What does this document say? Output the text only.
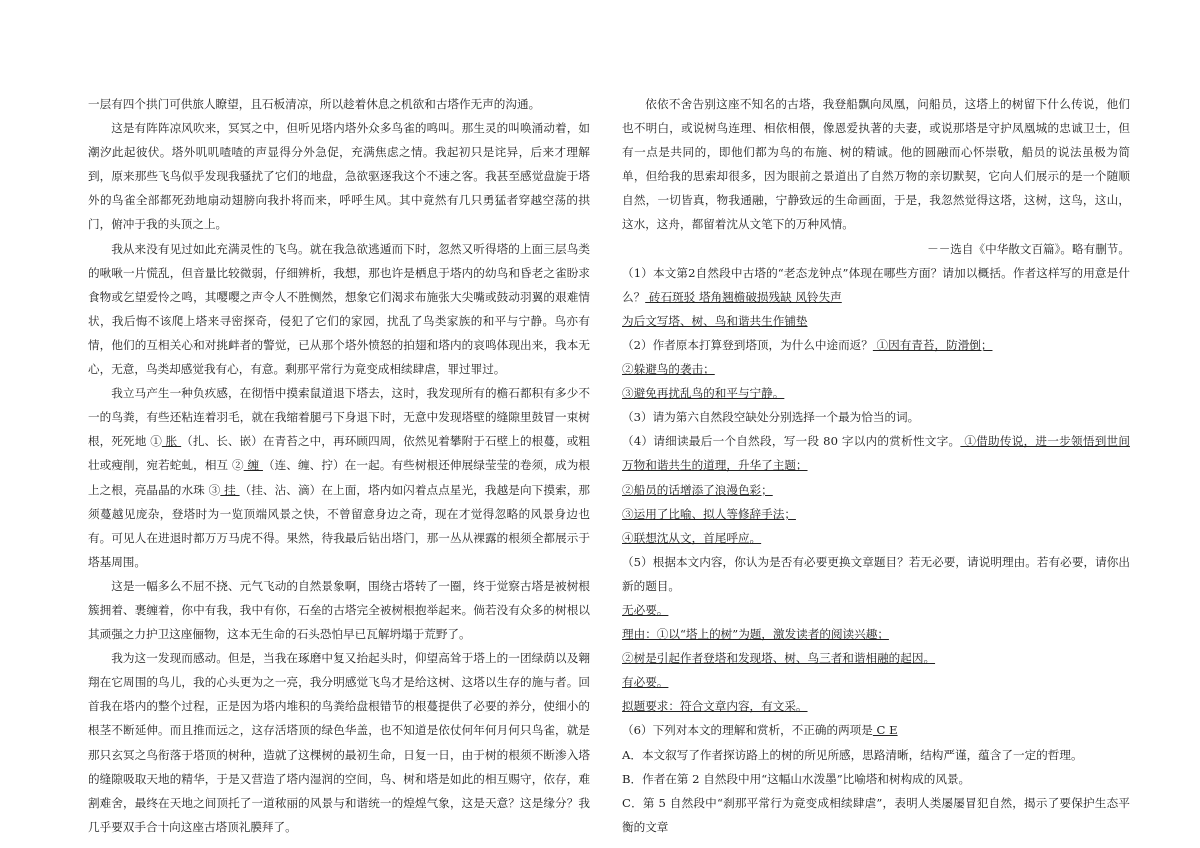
一层有四个拱门可供旅人瞭望，且石板清凉，所以趁着休息之机欲和古塔作无声的沟通。

这是有阵阵凉风吹来，冥冥之中，但听见塔内塔外众多鸟雀的鸣叫。那生灵的叫唤涌动着，如潮汐此起彼伏。塔外叽叽喳喳的声显得分外急促，充满焦虑之情。我起初只是诧异，后来才理解到，原来那些飞鸟似乎发现我骚扰了它们的地盘，急欲驱逐我这个不速之客。我甚至感觉盘旋于塔外的鸟雀全部都死劲地扇动翅膀向我扑将而来，呼呼生风。其中竟然有几只勇猛者穿越空荡的拱门，俯冲于我的头顶之上。

我从来没有见过如此充满灵性的飞鸟。就在我急欲逃遁而下时，忽然又听得塔的上面三层鸟类的啾啾一片慌乱，但音量比较微弱，仔细辨析，我想，那也许是栖息于塔内的幼鸟和昏老之雀盼求食物或乞望爱怜之鸣，其嘤嘤之声令人不胜恻然，想象它们渴求布施张大尖嘴或鼓动羽翼的艰难情状，我后悔不该爬上塔来寻密探奇，侵犯了它们的家园，扰乱了鸟类家族的和平与宁静。鸟亦有情，他们的互相关心和对挑衅者的警觉，已从那个塔外愤怒的拍翅和塔内的哀鸣体现出来，我本无心，无意，鸟类却感觉我有心，有意。剩那平常行为竟变成相续肆虐，罪过罪过。

我立马产生一种负疚感，在彻悟中摸索鼠道退下塔去，这时，我发现所有的檐石都积有多少不一的鸟粪，有些还粘连着羽毛，就在我缩着腿弓下身退下时，无意中发现塔壁的缝隙里鼓冒一束树根，死死地 ① 胀 （扎、长、嵌）在青苔之中，再环顾四周，依然见着攀附于石壁上的根蔓，或粗壮或瘦削，宛若蛇虬，相互 ② 缠 （连、缠、拧）在一起。有些树根还伸展绿莹莹的卷须，成为根上之根，亮晶晶的水珠 ③ 挂 （挂、沾、滴）在上面，塔内如闪着点点星光，我越是向下摸索，那须蔓越见庞杂，登塔时为一览顶端风景之快，不曾留意身边之奇，现在才觉得忽略的风景身边也有。可见人在进退时都万万马虎不得。果然，待我最后钻出塔门，那一丛从裸露的根须全都展示于塔基周围。

这是一幅多么不屈不挠、元气飞动的自然景象啊，围绕古塔转了一圈，终于觉察古塔是被树根簇拥着、裹缠着，你中有我，我中有你，石垒的古塔完全被树根抱举起来。倘若没有众多的树根以其顽强之力护卫这座俪物，这本无生命的石头恐怕早已瓦解坍塌于荒野了。

我为这一发现而感动。但是，当我在琢磨中复又抬起头时，仰望高耸于塔上的一团绿荫以及翱翔在它周围的鸟儿，我的心头更为之一亮，我分明感觉飞鸟才是给这树、这塔以生存的施与者。回首我在塔内的整个过程，正是因为塔内堆积的鸟粪给盘根错节的根蔓提供了必要的养分，使细小的根茎不断延伸。而且推而远之，这存活塔顶的绿色华盖，也不知道是依仗何年何月何只鸟雀，就是那只玄冥之鸟衔落于塔顶的树种，造就了这棵树的最初生命，日复一日，由于树的根须不断渗入塔的缝隙吸取天地的精华，于是又营造了塔内湿润的空间，鸟、树和塔是如此的相互赐守，依存，难割难舍，最终在天地之间顶托了一道秾丽的风景与和谐统一的煌煌气象，这是天意？这是缘分？我几乎要双手合十向这座古塔顶礼膜拜了。

依依不舍告别这座不知名的古塔，我登船飘向凤凰，问船员，这塔上的树留下什么传说，他们也不明白，或说树鸟连理、相依相偎，像恩爱执著的夫妻，或说那塔是守护凤凰城的忠诚卫士，但有一点是共同的，即他们都为鸟的布施、树的精诚。他的圆融而心怀崇敬，船员的说法虽极为简单，但给我的思索却很多，因为眼前之景道出了自然万物的亲切默契，它向人们展示的是一个随顺自然，一切皆真，物我通融，宁静致远的生命画面，于是，我忽然觉得这塔，这树，这鸟，这山，这水，这舟，都留着沈从文笔下的万种风情。

－－选自《中华散文百篇》。略有删节。

（1）本文第2自然段中古塔的“老态龙钟点”体现在哪些方面？请加以概括。作者这样写的用意是什么？ 砖石斑驳 塔角翘檐破损残缺 风铃失声

为后文写塔、树、鸟和谐共生作铺垫

（2）作者原本打算登到塔顶，为什么中途而返？ ①因有青苔，防滑倒；

②躲避鸟的袭击；

③避免再扰乱鸟的和平与宁静。

（3）请为第六自然段空缺处分别选择一个最为恰当的词。

（4）请细读最后一个自然段，写一段 80 字以内的赏析性文字。 ①借助传说，进一步领悟到世间万物和谐共生的道理，升华了主题；

②船员的话增添了浪漫色彩；

③运用了比喻、拟人等修辞手法；

④联想沈从文，首尾呼应。

（5）根据本文内容，你认为是否有必要更换文章题目？若无必要，请说明理由。若有必要，请你出新的题目。

无必要。

理由：①以“塔上的树”为题，激发读者的阅读兴趣；

②树是引起作者登塔和发现塔、树、鸟三者和谐相融的起因。

有必要。

拟题要求：符合文章内容，有文采。

（6）下列对本文的理解和赏析，不正确的两项是 C E

A．本文叙写了作者探访路上的树的所见所感，思路清晰，结构严谨，蕴含了一定的哲理。

B．作者在第 2 自然段中用“这幅山水泼墨”比喻塔和树构成的风景。

C．第 5 自然段中“刹那平常行为竟变成相续肆虐”，表明人类屡屡冒犯自然，揭示了要保护生态平衡的文章
